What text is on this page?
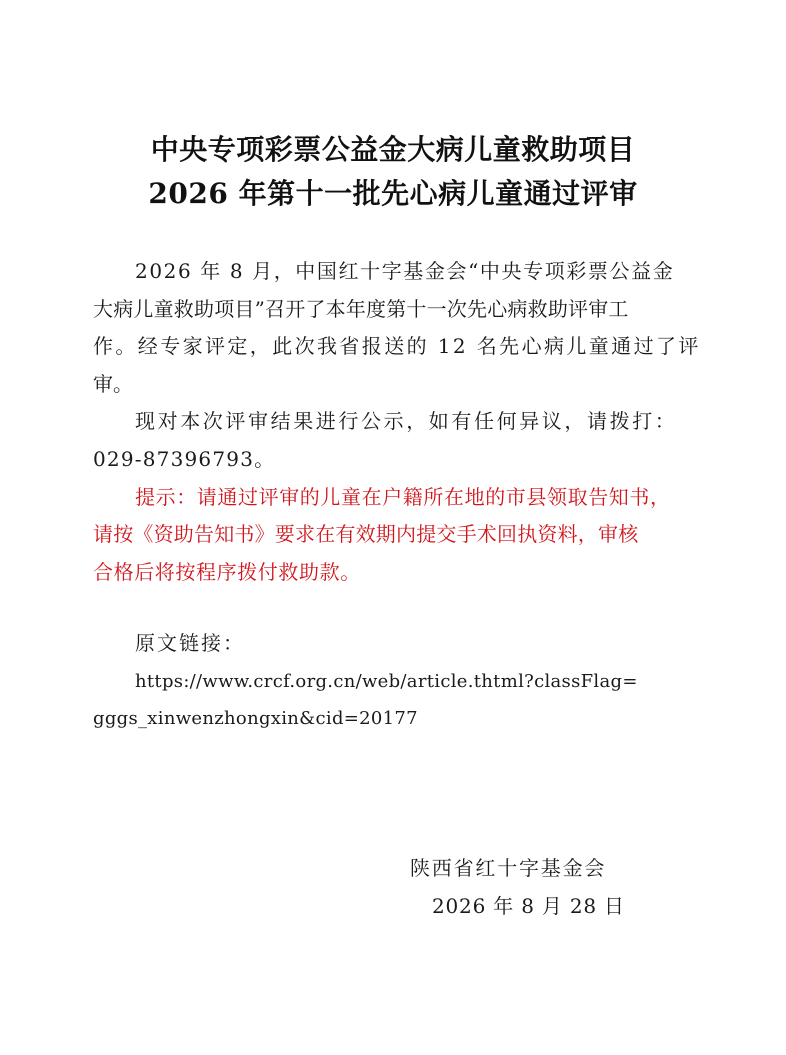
中央专项彩票公益金大病儿童救助项目
2026 年第十一批先心病儿童通过评审
2026 年 8 月，中国红十字基金会“中央专项彩票公益金
大病儿童救助项目”召开了本年度第十一次先心病救助评审工
作。经专家评定，此次我省报送的 12 名先心病儿童通过了评
审。
现对本次评审结果进行公示，如有任何异议，请拨打：
029-87396793。
提示：请通过评审的儿童在户籍所在地的市县领取告知书，
请按《资助告知书》要求在有效期内提交手术回执资料，审核
合格后将按程序拨付救助款。
原文链接：
https://www.crcf.org.cn/web/article.thtml?classFlag=
gggs_xinwenzhongxin&cid=20177
陕西省红十字基金会
2026 年 8 月 28 日
